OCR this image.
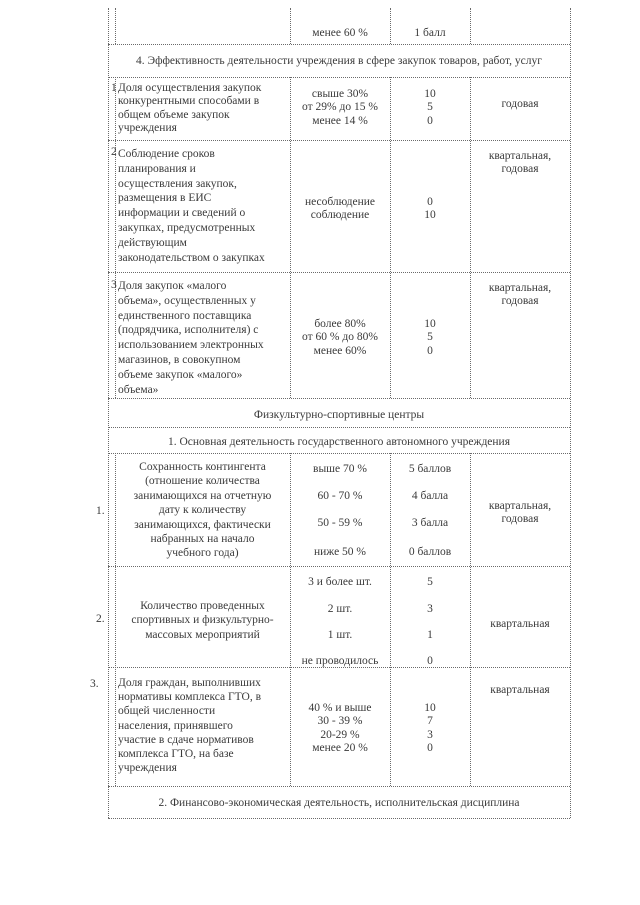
менее 60 %	1 балл
4. Эффективность деятельности учреждения в сфере закупок товаров, работ, услуг
1 Доля осуществления закупок
конкурентными способами в
общем объеме закупок
учреждения
свыше 30%
от 29% до 15 %
менее 14 %
10
5
0
годовая
2 Соблюдение сроков
планирования и
осуществления закупок,
размещения в ЕИС
информации и сведений о
закупках, предусмотренных
действующим
законодательством о закупках
несоблюдение
соблюдение
0
10
квартальная,
годовая
3 Доля закупок «малого
объема», осуществленных у
единственного поставщика
(подрядчика, исполнителя) с
использованием электронных
магазинов, в совокупном
объеме закупок «малого»
объема»
более 80%
от 60 % до 80%
менее 60%
10
5
0
квартальная,
годовая
Физкультурно-спортивные центры
1. Основная деятельность государственного автономного учреждения
1.
Сохранность контингента
(отношение количества
занимающихся на отчетную
дату к количеству
занимающихся, фактически
набранных на начало
учебного года)
выше 70 %
60 - 70 %
50 - 59 %
ниже 50 %
5 баллов
4 балла
3 балла
0 баллов
квартальная,
годовая
2.
Количество проведенных
спортивных и физкультурно-
массовых мероприятий
3 и более шт.
2 шт.
1 шт.
не проводилось
5
3
1
0
квартальная
3. Доля граждан, выполнивших
нормативы комплекса ГТО, в
общей численности
населения, принявшего
участие в сдаче нормативов
комплекса ГТО, на базе
учреждения
40 % и выше
30 - 39 %
20-29 %
менее 20 %
10
7
3
0
квартальная
2. Финансово-экономическая деятельность, исполнительская дисциплина
